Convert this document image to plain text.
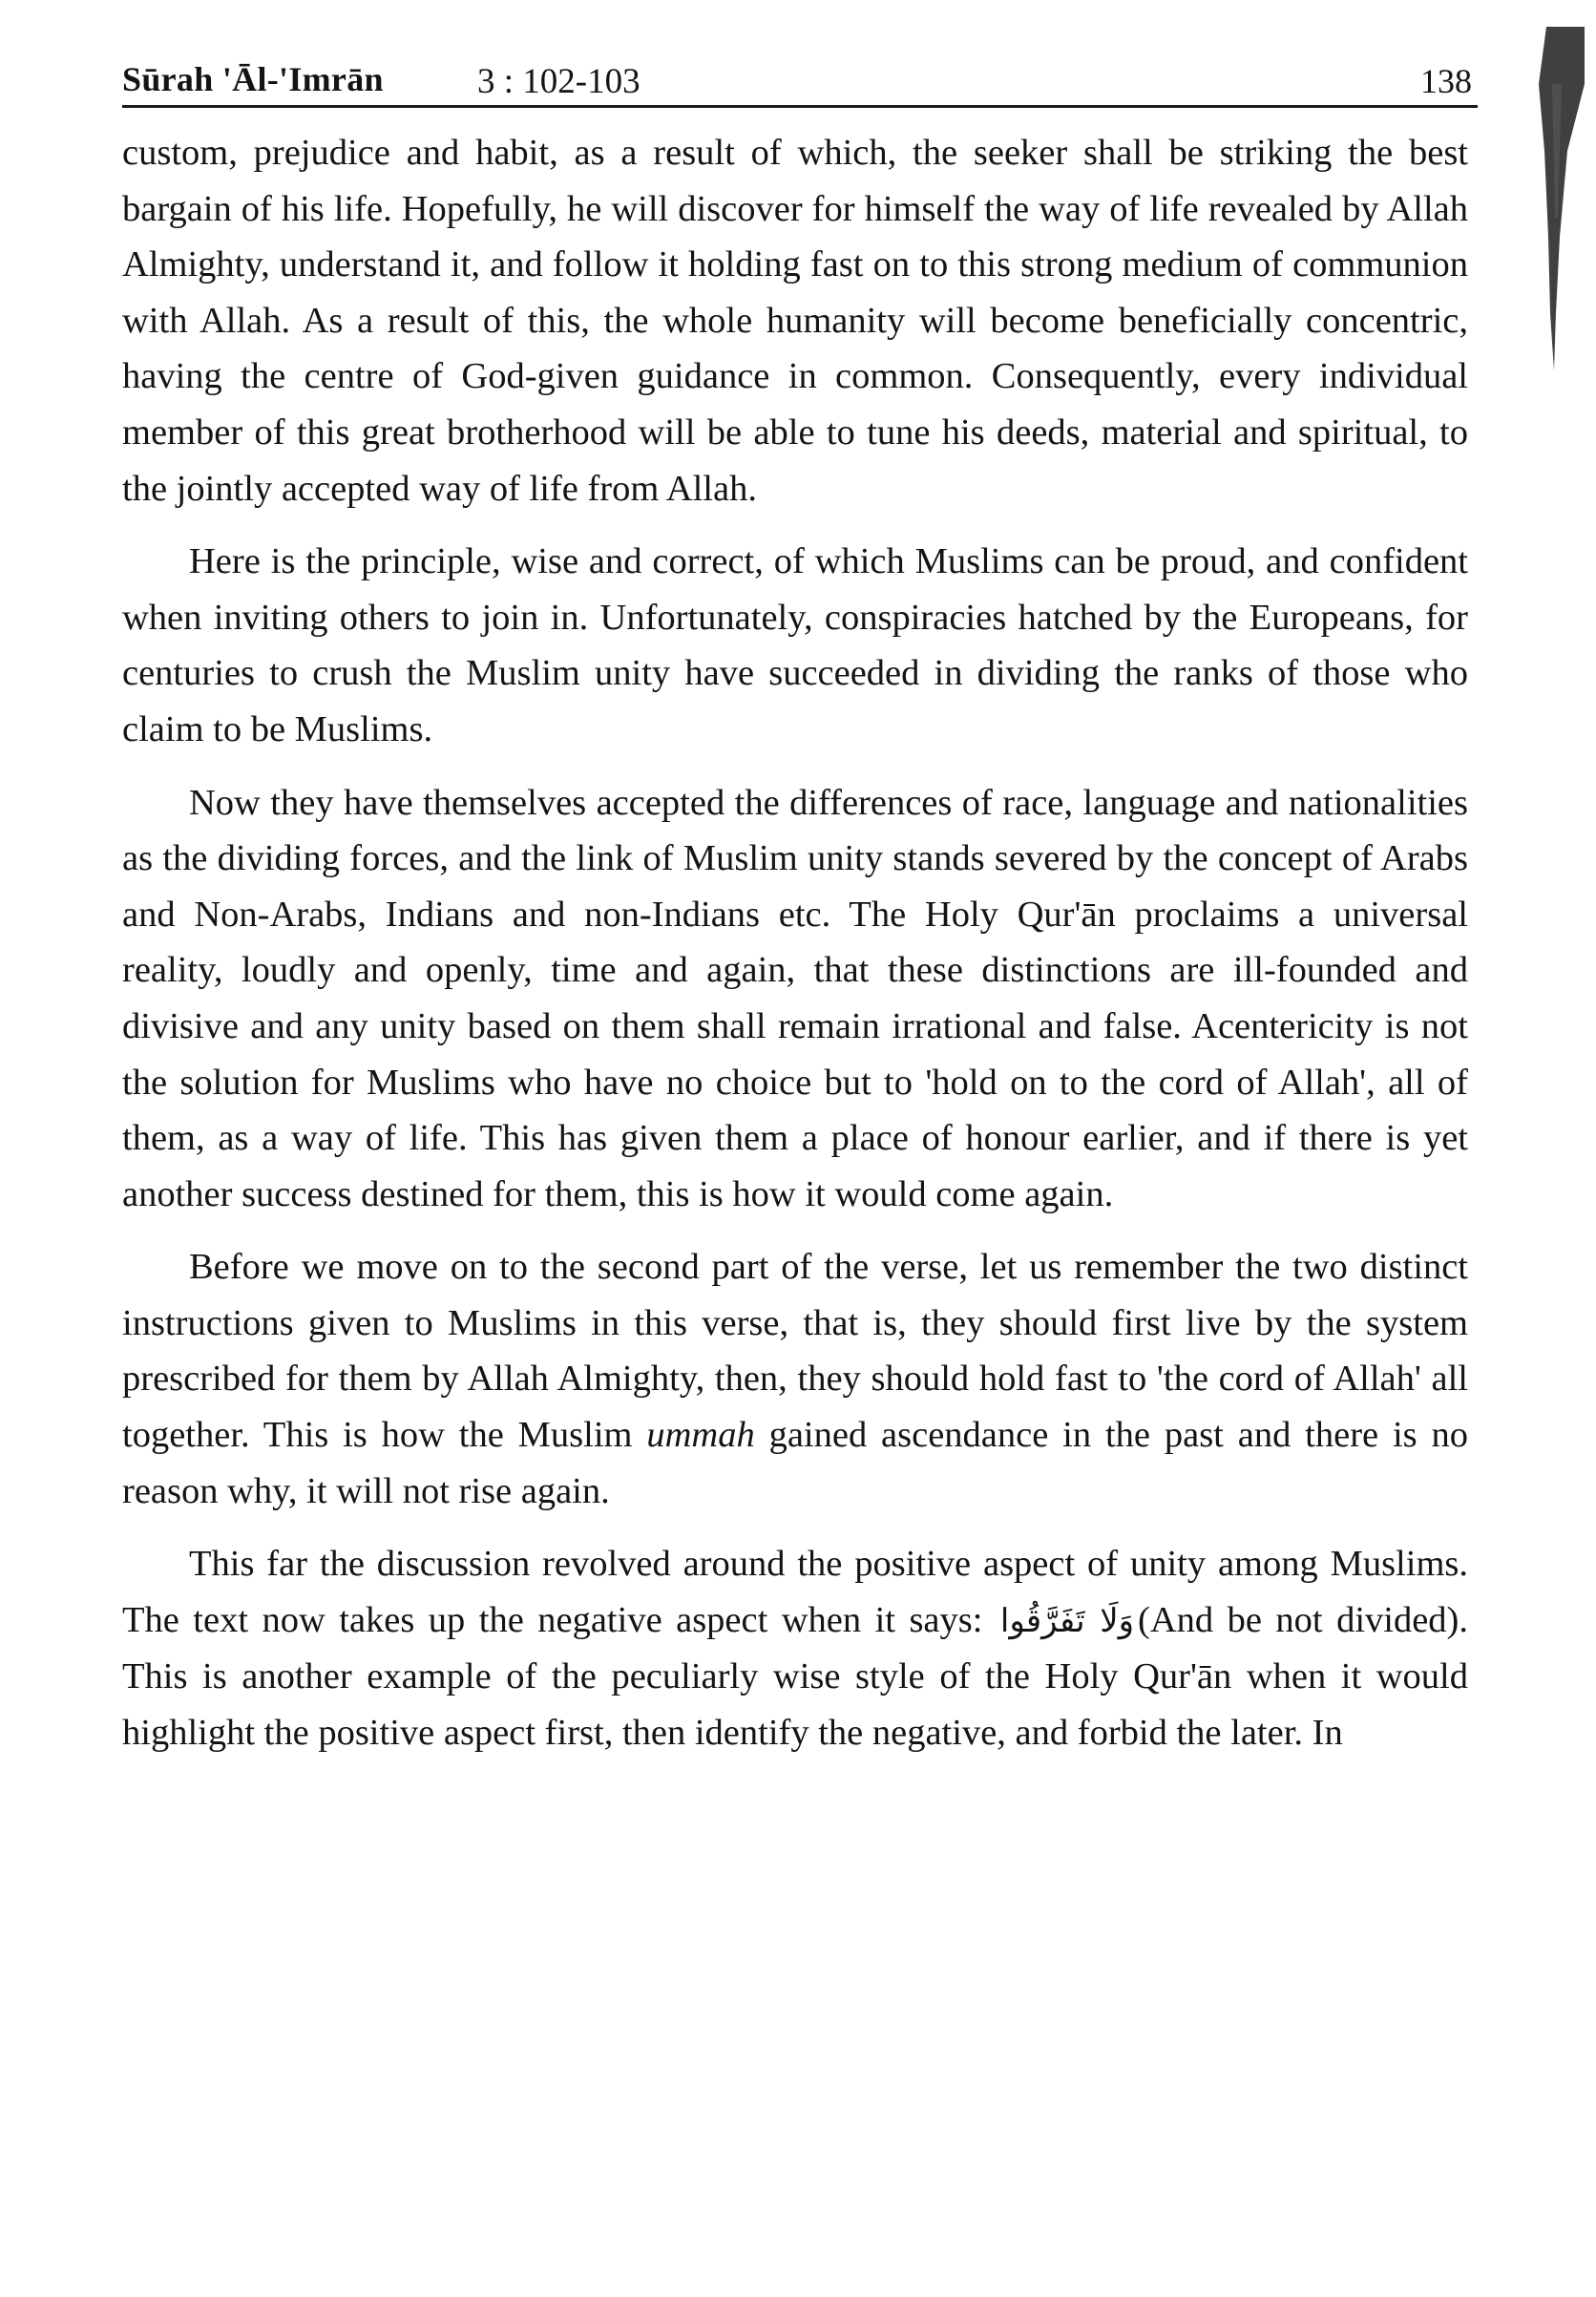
Sūrah 'Āl-'Imrān	3 : 102-103	138

custom, prejudice and habit, as a result of which, the seeker shall be striking the best bargain of his life. Hopefully, he will discover for himself the way of life revealed by Allah Almighty, understand it, and follow it holding fast on to this strong medium of communion with Allah. As a result of this, the whole humanity will become beneficially concentric, having the centre of God-given guidance in common. Consequently, every individual member of this great brotherhood will be able to tune his deeds, material and spiritual, to the jointly accepted way of life from Allah.

Here is the principle, wise and correct, of which Muslims can be proud, and confident when inviting others to join in. Unfortunately, conspiracies hatched by the Europeans, for centuries to crush the Muslim unity have succeeded in dividing the ranks of those who claim to be Muslims.

Now they have themselves accepted the differences of race, language and nationalities as the dividing forces, and the link of Muslim unity stands severed by the concept of Arabs and Non-Arabs, Indians and non-Indians etc. The Holy Qur'ān proclaims a universal reality, loudly and openly, time and again, that these distinctions are ill-founded and divisive and any unity based on them shall remain irrational and false. Acentericity is not the solution for Muslims who have no choice but to 'hold on to the cord of Allah', all of them, as a way of life. This has given them a place of honour earlier, and if there is yet another success destined for them, this is how it would come again.

Before we move on to the second part of the verse, let us remember the two distinct instructions given to Muslims in this verse, that is, they should first live by the system prescribed for them by Allah Almighty, then, they should hold fast to 'the cord of Allah' all together. This is how the Muslim ummah gained ascendance in the past and there is no reason why, it will not rise again.

This far the discussion revolved around the positive aspect of unity among Muslims. The text now takes up the negative aspect when it says: وَلَا تَفَرَّقُوا (And be not divided). This is another example of the peculiarly wise style of the Holy Qur'ān when it would highlight the positive aspect first, then identify the negative, and forbid the later. In
